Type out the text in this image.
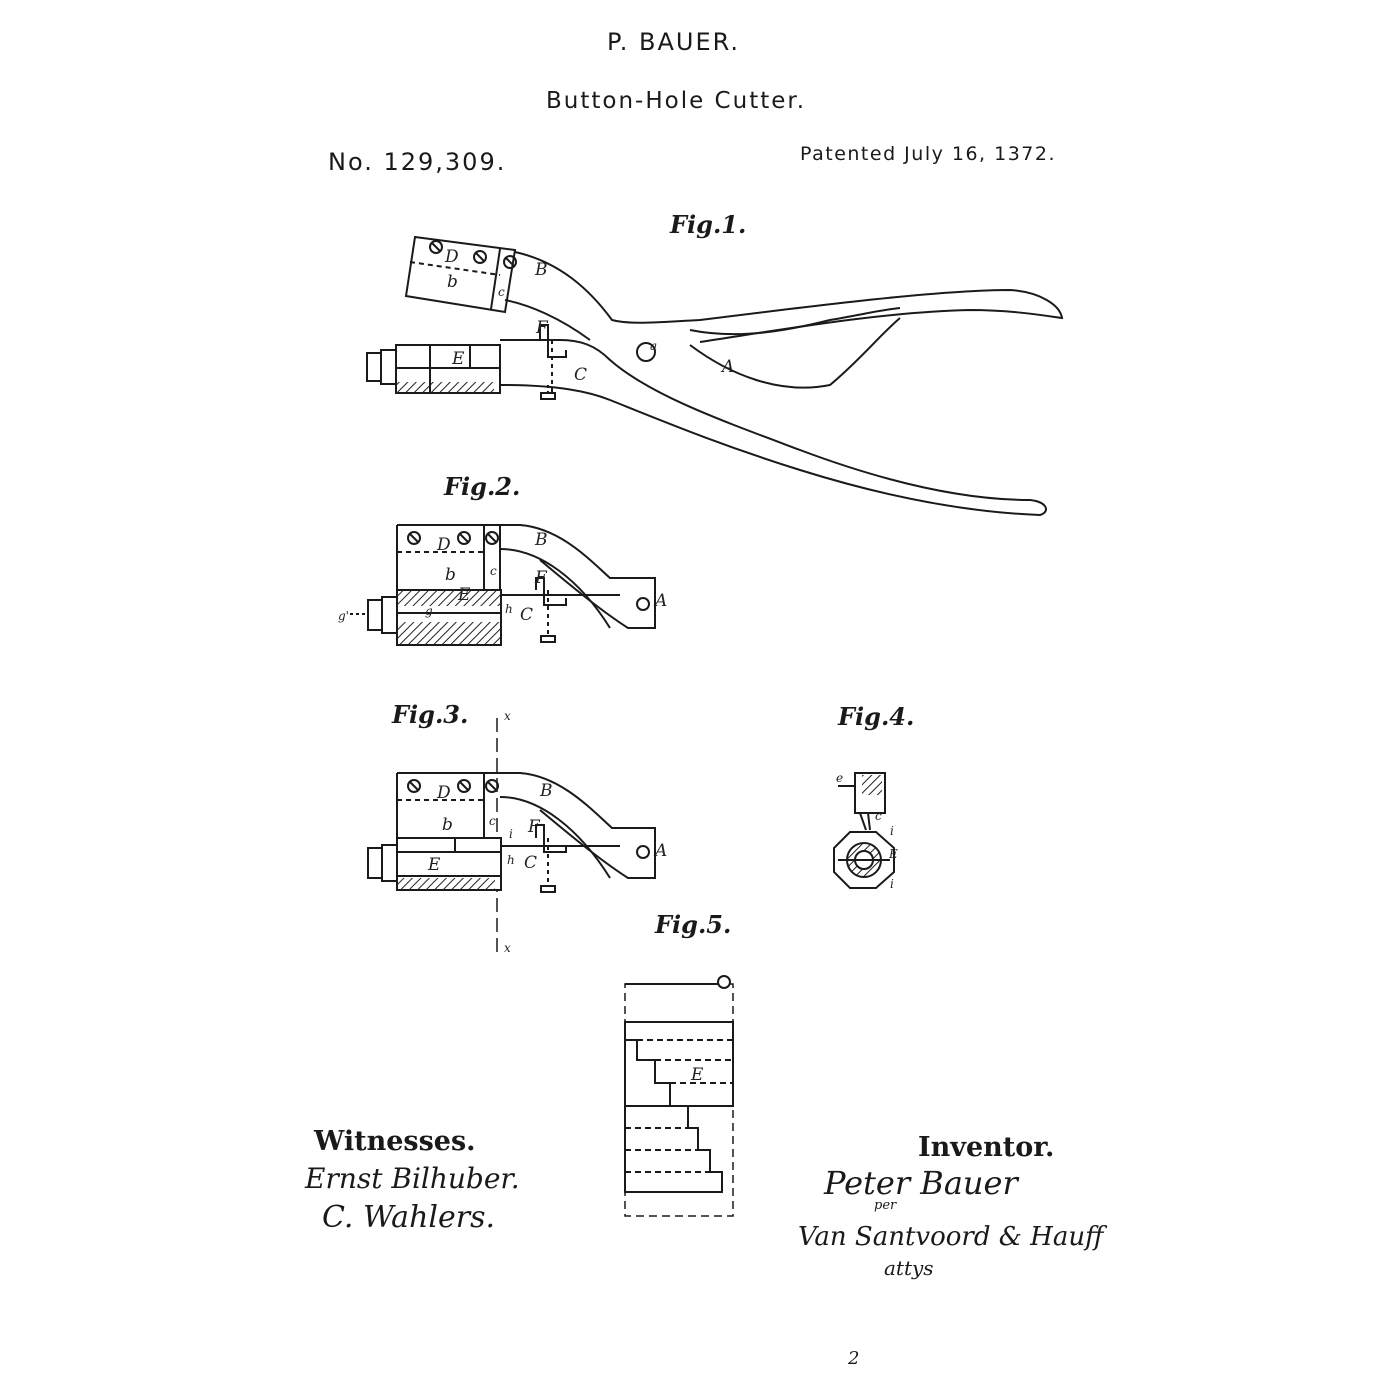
P. BAUER.
Button-Hole Cutter.
No. 129,309.	Patented July 16, 1372.
Fig.1.
Fig.2.
Fig.3.	Fig.4.
Fig.5.
D
b
B
c
F
E
C
a
A
D	B
b	c F
E
g
g'	h C
A
D	B
b	c
i F
E	h C
A
x
x
e
c
i
E
i
E
Witnesses.
Ernst Bilhuber.
C. Wahlers.
Inventor.
Peter Bauer
per
Van Santvoord & Hauff
attys
2
